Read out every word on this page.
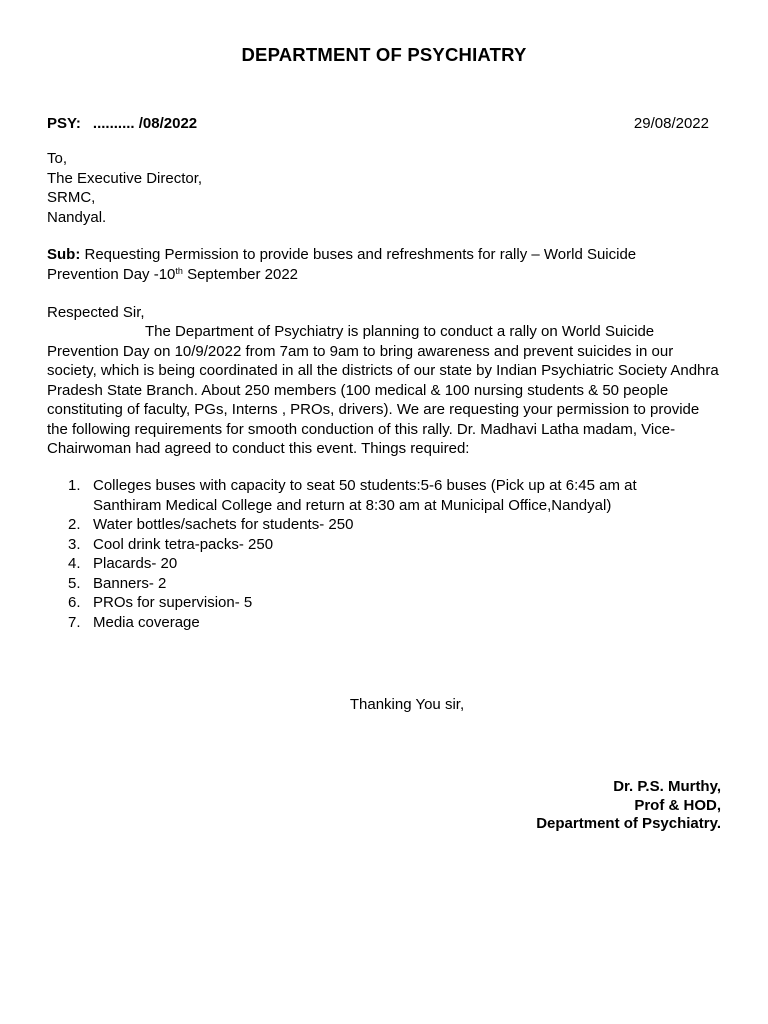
DEPARTMENT OF PSYCHIATRY
PSY: .......... /08/2022	29/08/2022
To,
The Executive Director,
SRMC,
Nandyal.
Sub: Requesting Permission to provide buses and refreshments for rally – World Suicide Prevention Day -10th September 2022
Respected Sir,
The Department of Psychiatry is planning to conduct a rally on World Suicide Prevention Day on 10/9/2022 from 7am to 9am to bring awareness and prevent suicides in our society, which is being coordinated in all the districts of our state by Indian Psychiatric Society Andhra Pradesh State Branch. About 250 members (100 medical & 100 nursing students & 50 people constituting of faculty, PGs, Interns , PROs, drivers). We are requesting your permission to provide the following requirements for smooth conduction of this rally. Dr. Madhavi Latha madam, Vice-Chairwoman had agreed to conduct this event. Things required:
1. Colleges buses with capacity to seat 50 students:5-6 buses (Pick up at 6:45 am at Santhiram Medical College and return at 8:30 am at Municipal Office,Nandyal)
2. Water bottles/sachets for students- 250
3. Cool drink tetra-packs- 250
4. Placards- 20
5. Banners- 2
6. PROs for supervision- 5
7. Media coverage
Thanking You sir,
Dr. P.S. Murthy,
Prof & HOD,
Department of Psychiatry.
